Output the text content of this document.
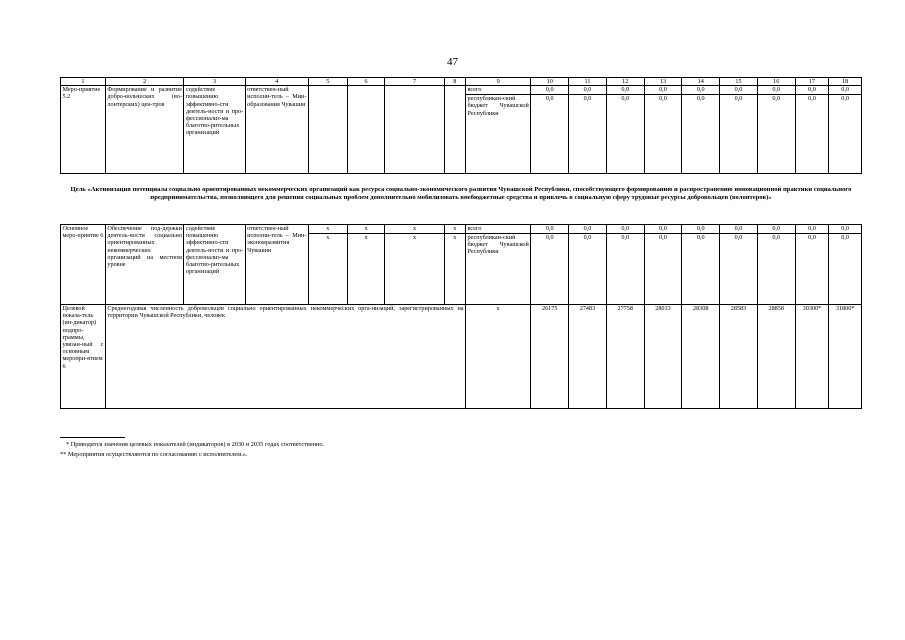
47
1	2	3	4	5	6	7	8	9	10	11	12	13	14	15	16	17	18
Меро-приятие 5.2	Формирование и развитие добро-вольческих (во-лонтерских) цен-тров	содействие повышению эффективно-сти деятель-ности и про-фессионализ-ма благотво-рительных организаций	ответствен-ный исполни-тель – Мин-образования Чувашии					всего	0,0	0,0	0,0	0,0	0,0	0,0	0,0	0,0	0,0
								республикан-ский бюджет Чувашской Республики	0,0	0,0	0,0	0,0	0,0	0,0	0,0	0,0	0,0
Цель «Активизация потенциала социально ориентированных некоммерческих организаций как ресурса социально-экономического развития Чувашской Республики, способствующего формированию и распространению инновационной практики социального предпринимательства, позволяющего для решения социальных проблем дополнительно мобилизовать внебюджетные средства и привлечь в социальную сферу трудовые ресурсы добровольцев (волонтеров)»
Основное меро-приятие 6	Обеспечение под-держки деятель-ности социально ориентированных некоммерческих организаций на местном уровне	содействие повышению эффективно-сти деятель-ности и про-фессионализ-ма благотво-рительных организаций	ответствен-ный исполни-тель – Мин-экономразвития Чувашии	x	x	x	x	всего	0,0	0,0	0,0	0,0	0,0	0,0	0,0	0,0	0,0
				x	x	x	x	республикан-ский бюджет Чувашской Республики	0,0	0,0	0,0	0,0	0,0	0,0	0,0	0,0	0,0
Целевой показа-тель (ин-дикатор) подпро-граммы, увязан-ный с основным меропри-ятием 6	Среднегодовая численность добровольцев социально ориентированных некоммерческих орга-низаций, зарегистрированных на территории Чувашской Республики, человек							x	26175	27483	27758	28033	28308	28583	28858	30300*	31800*
* Приводятся значения целевых показателей (индикаторов) в 2030 и 2035 годах соответственно.
** Мероприятия осуществляются по согласованию с исполнителем.».
